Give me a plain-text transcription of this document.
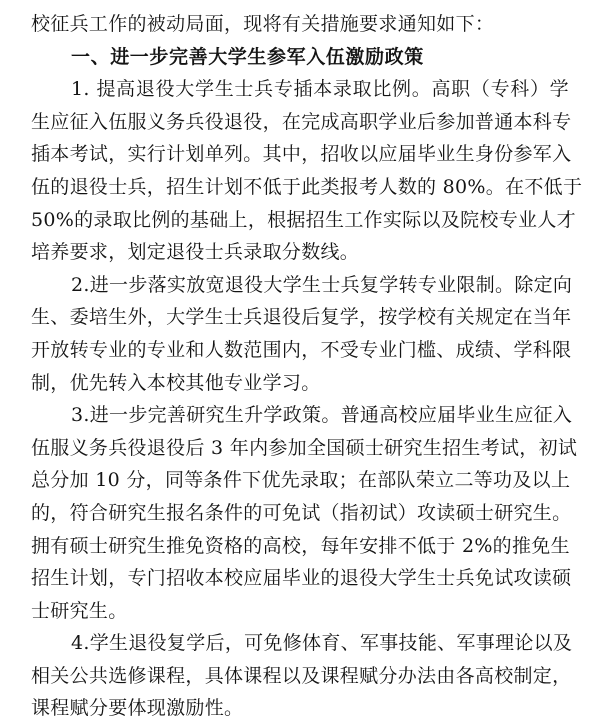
校征兵工作的被动局面，现将有关措施要求通知如下：
一、进一步完善大学生参军入伍激励政策
1. 提高退役大学生士兵专插本录取比例。高职（专科）学
生应征入伍服义务兵役退役，在完成高职学业后参加普通本科专
插本考试，实行计划单列。其中，招收以应届毕业生身份参军入
伍的退役士兵，招生计划不低于此类报考人数的 80%。在不低于
50%的录取比例的基础上，根据招生工作实际以及院校专业人才
培养要求，划定退役士兵录取分数线。
2.进一步落实放宽退役大学生士兵复学转专业限制。除定向
生、委培生外，大学生士兵退役后复学，按学校有关规定在当年
开放转专业的专业和人数范围内，不受专业门槛、成绩、学科限
制，优先转入本校其他专业学习。
3.进一步完善研究生升学政策。普通高校应届毕业生应征入
伍服义务兵役退役后 3 年内参加全国硕士研究生招生考试，初试
总分加 10 分，同等条件下优先录取；在部队荣立二等功及以上
的，符合研究生报名条件的可免试（指初试）攻读硕士研究生。
拥有硕士研究生推免资格的高校，每年安排不低于 2%的推免生
招生计划，专门招收本校应届毕业的退役大学生士兵免试攻读硕
士研究生。
4.学生退役复学后，可免修体育、军事技能、军事理论以及
相关公共选修课程，具体课程以及课程赋分办法由各高校制定，
课程赋分要体现激励性。
